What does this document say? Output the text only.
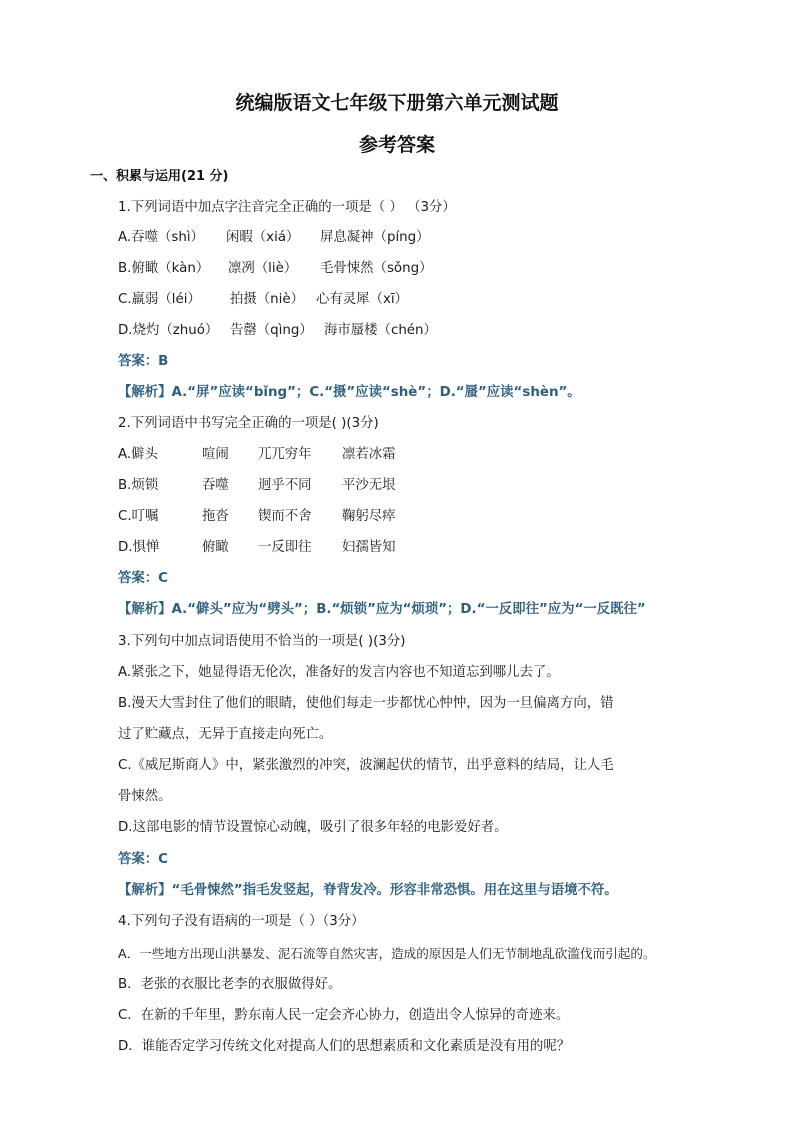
统编版语文七年级下册第六单元测试题
参考答案
一、积累与运用(21 分)
1.下列词语中加点字注音完全正确的一项是（ ） （3分）
A.吞噬（shì） 闲暇（xiá） 屏息凝神（píng）
B.俯瞰（kàn） 凛冽（liè） 毛骨悚然（sǒng）
C.羸弱（léi） 拍摄（niè） 心有灵犀（xī）
D.烧灼（zhuó） 告罄（qìng） 海市蜃楼（chén）
答案：B
【解析】A.“屏”应读“bǐng”；C.“摄”应读“shè”；D.“蜃”应读“shèn”。
2.下列词语中书写完全正确的一项是( )(3分)
A.僻头	喧闹 兀兀穷年 凛若冰霜
B.烦锁	吞噬 迥乎不同 平沙无垠
C.叮嘱	拖沓 锲而不舍 鞠躬尽瘁
D.惧惮	俯瞰 一反即往 妇孺皆知
答案：C
【解析】A.“僻头”应为“劈头”；B.“烦锁”应为“烦琐”；D.“一反即往”应为“一反既往”
3.下列句中加点词语使用不恰当的一项是( )(3分)
A.紧张之下，她显得语无伦次，准备好的发言内容也不知道忘到哪儿去了。
B.漫天大雪封住了他们的眼睛，使他们每走一步都忧心忡忡，因为一旦偏离方向，错
过了贮藏点，无异于直接走向死亡。
C.《威尼斯商人》中，紧张激烈的冲突，波澜起伏的情节，出乎意料的结局，让人毛
骨悚然。
D.这部电影的情节设置惊心动魄，吸引了很多年轻的电影爱好者。
答案：C
【解析】“毛骨悚然”指毛发竖起，脊背发冷。形容非常恐惧。用在这里与语境不符。
4.下列句子没有语病的一项是（ ）（3分）
A．一些地方出现山洪暴发、泥石流等自然灾害，造成的原因是人们无节制地乱砍滥伐而引起的。
B．老张的衣服比老李的衣服做得好。
C．在新的千年里，黔东南人民一定会齐心协力，创造出令人惊异的奇迹来。
D．谁能否定学习传统文化对提高人们的思想素质和文化素质是没有用的呢？
